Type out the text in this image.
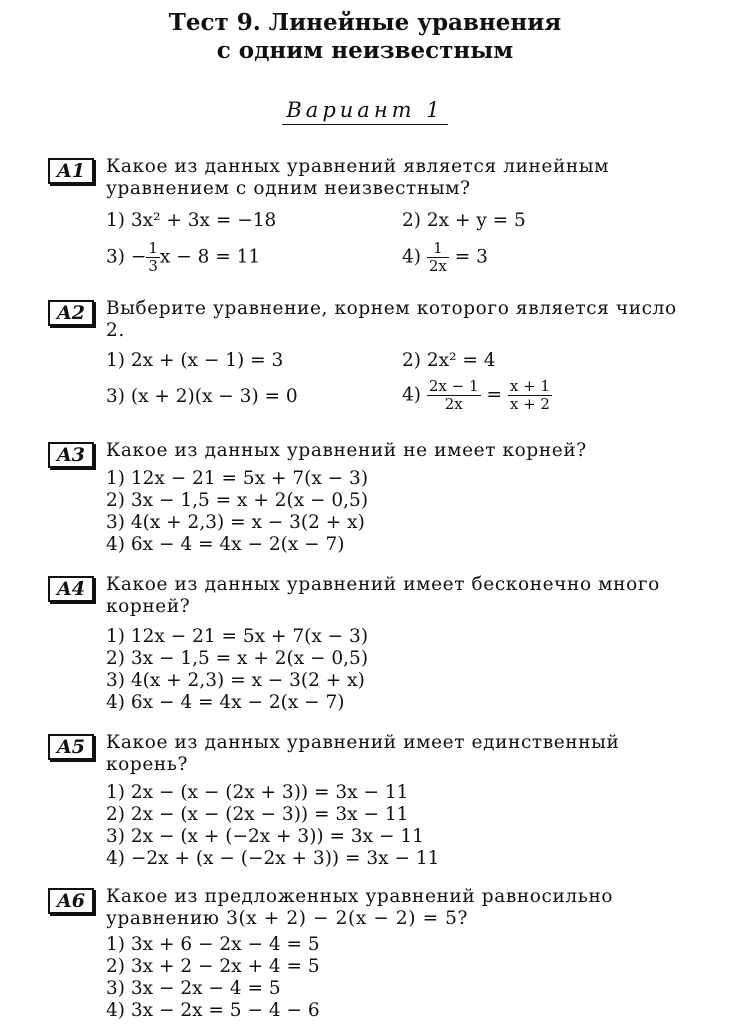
Тест 9. Линейные уравнения
с одним неизвестным
Вариант 1
A1	Какое из данных уравнений является линейным уравнением с одним неизвестным?
1) 3x² + 3x = −18	2) 2x + y = 5
$3) - \frac{1}{3}$ x − 8 = 11	$4) \frac{1}{2x} = 3$
A2	Выберите уравнение, корнем которого является число 2.
1) 2x + (x − 1) = 3	2) 2x² = 4
3) (x + 2)(x − 3) = 0	$4) \frac{2x - 1}{2x} = \frac{x + 1}{x + 2}$
A3	Какое из данных уравнений не имеет корней?
1) 12x − 21 = 5x + 7(x − 3)
2) 3x − 1,5 = x + 2(x − 0,5)
3) 4(x + 2,3) = x − 3(2 + x)
4) 6x − 4 = 4x − 2(x − 7)
A4	Какое из данных уравнений имеет бесконечно много корней?
1) 12x − 21 = 5x + 7(x − 3)
2) 3x − 1,5 = x + 2(x − 0,5)
3) 4(x + 2,3) = x − 3(2 + x)
4) 6x − 4 = 4x − 2(x − 7)
A5	Какое из данных уравнений имеет единственный корень?
1) 2x − (x − (2x + 3)) = 3x − 11
2) 2x − (x − (2x − 3)) = 3x − 11
3) 2x − (x + (−2x + 3)) = 3x − 11
4) −2x + (x − (−2x + 3)) = 3x − 11
A6	Какое из предложенных уравнений равносильно уравнению 3(x + 2) − 2(x − 2) = 5?
1) 3x + 6 − 2x − 4 = 5
2) 3x + 2 − 2x + 4 = 5
3) 3x − 2x − 4 = 5
4) 3x − 2x = 5 − 4 − 6
